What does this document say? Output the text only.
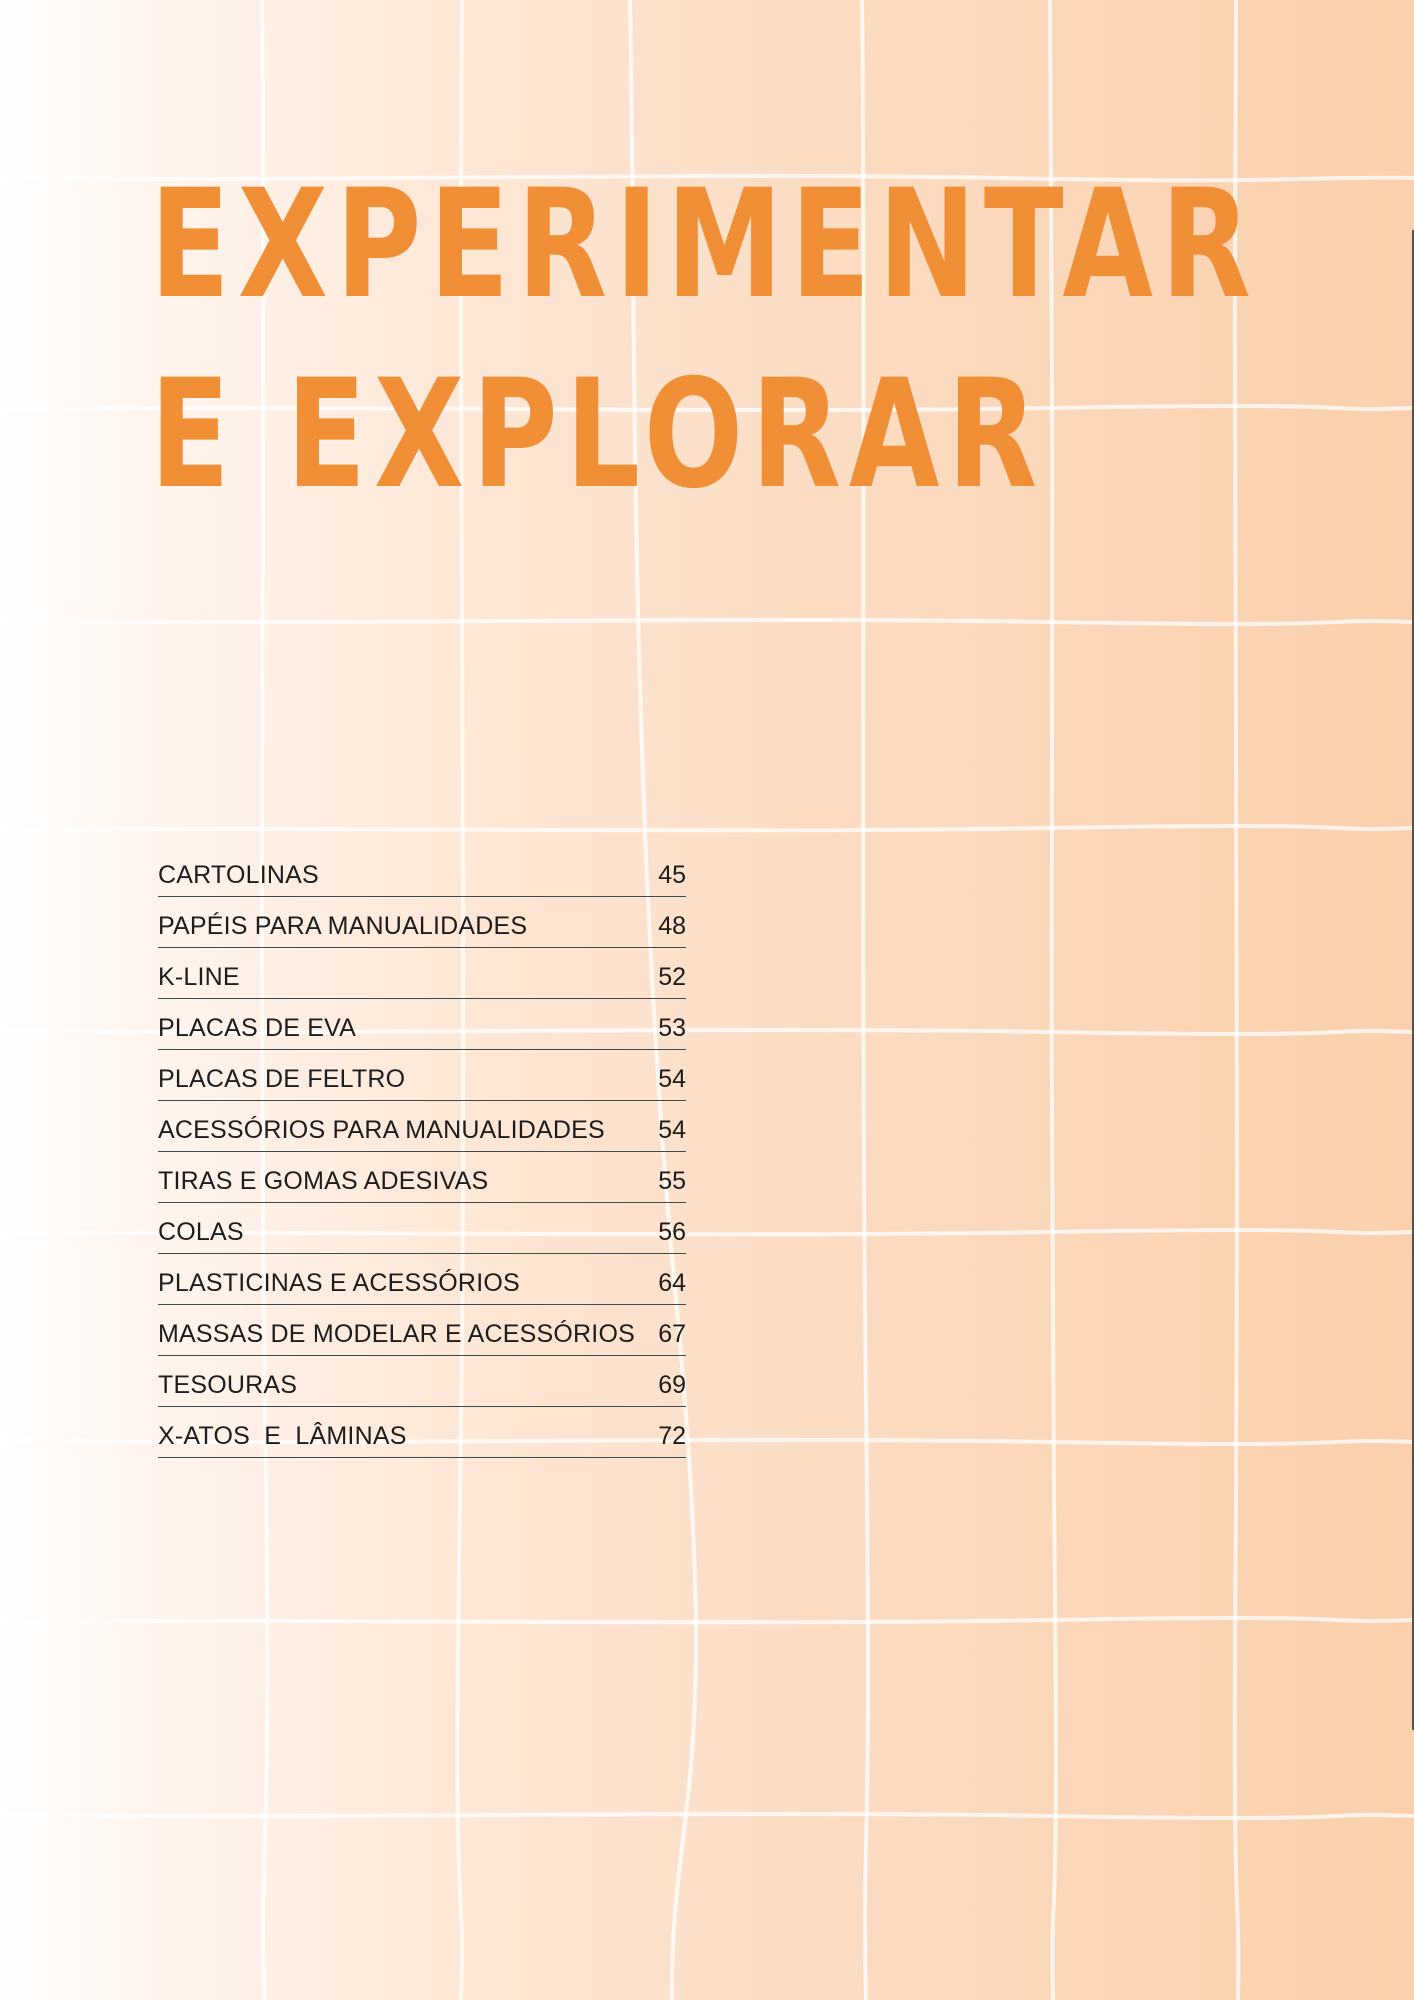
EXPERIMENTAR
E EXPLORAR
CARTOLINAS	45
PAPÉIS PARA MANUALIDADES	48
K-LINE	52
PLACAS DE EVA	53
PLACAS DE FELTRO	54
ACESSÓRIOS PARA MANUALIDADES 54
TIRAS E GOMAS ADESIVAS	55
COLAS	56
PLASTICINAS E ACESSÓRIOS	64
MASSAS DE MODELAR E ACESSÓRIOS 67
TESOURAS	69
X-ATOS  E  LÂMINAS	72
